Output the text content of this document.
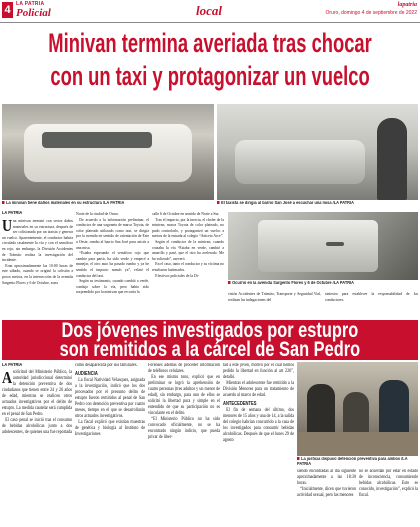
4	LA PATRIA
Policial	local	lapatria
Oruro, domingo 4 de septiembre de 2022
Minivan termina averiada tras chocar
con un taxi y protagonizar un vuelco
La minivan tiene daños materiales en su estructura /LA PATRIA	El taxista se dirigía al barrio San José a escuchar una misa /LA PATRIA
LA PATRIA
U na minivan terminó con serios daños materiales en su estructura, después de ser colisionada por un taxista y generar un vuelco. Aparentemente, el conductor habría circulado rasalmente la vía y con el semáforo en rojo, sin embargo, la División Accidentes de Tránsito realiza la investigación del incidente.

Eran aproximadamente las 10:00 horas de este sábado, cuando se originó la colisión a pocos metros, en la intersección de la avenida Sargento Flores y 6 de Octubre, zona

Norte de la ciudad de Oruro.

De acuerdo a la información preliminar, el conductor de una vagoneta de marca Toyota, de color plateado utilizado como taxi, se dirigía por la avenida en sentido de orientación de Este a Oeste, rumbo al barrio San José para asistir a una misa.

“Estaba esperando el semáforo rojo que cambie para partir, ha sido verde y empecé a manejar, el otro auto ha pasado rumbo y ya he sentido el impacto nomás ya”, relató el conductor del taxi.

Según su testimonio, cuando cambió a verde, condujo sobre la vía, pero había sido sorprendido por la minivan que recorría la

calle 6 de Octubre en sentido de Norte a Sur.

Tras el impacto, por la inercia, el chofer de la minivan, marca Toyota de color plateado, no pudo controlarlo, y protagonizó un vuelco a metros de la entrada al colegio “Aniceto Arce”.

Según el conductor de la minivan, cuando cruzaba la vía “Estaba en verde, cambió a amarillo y pasé, que el otro ha acelerado. Me ha volteado”, aseveró.

En el caso, tanto el conductor y su víctima no resultaron lastimados.

Efectivos policiales de la Di-

Ocurrió en la avenida Sargento Flores y 6 de Octubre /LA PATRIA

visión Accidentes de Tránsito, Transporte y Seguridad Vial, realizan las indagaciones del

siniestro para establecer la responsabilidad de los conductores.

Dos jóvenes investigados por estupro
son remitidos a la cárcel de San Pedro
LA PATRIA
A solicitud del Ministerio Público, la autoridad jurisdiccional determinó la detención preventiva de dos ciudadanos que tienen entre 24 y 26 años de edad, mientras se realicen otros actuados investigativos por el delito de estupro. La medida cautelar será cumplida en el penal de San Pedro.

El caso penal se inició tras el consumo de bebidas alcohólicas junto a dos adolescentes, de quienes una fue reportada

como desaparecida por sus familiares.

AUDIENCIA

La fiscal Natividad Velasquez, asignada a la investigación, indicó que los dos procesados por el presunto delito de estupro fueron remitidos al penal de San Pedro con detención preventiva por cuatro meses, tiempo en el que se desarrollarán otros actuados investigativos.

La fiscal explicó que existían muestras de genética y biología al Instituto de Investigaciones

Forenses además de proceder información de teléfonos celulares.

En ese mismo tono, explicó que en preliminar se logró la aprehensión de cuatro personas (tres adultos y un menor de edad), sin embargo, para uno de ellos se solicitó la libertad pura y simple en el entendido de que su participación no es vinculante en el delito.

“El Ministerio Público no ha sido convocado oficialmente, no se ha encontrado ningún indicio, que pueda privar de liber-

tad a este joven, motivo por el cual hemos pedido la libertad en función al art 226”, detalló.

Mientras el adolescente fue remitido a la División Menores para un tratamiento de acuerdo al marco de edad.

ANTECEDENTES

El fin de semana del último, dos menores de 15 años y una de 14, a la salida del colegio habrían concurrido a la casa de los investigados para consumir bebidas alcohólicas. Después de que el lunes 29 de agosto

La justicia dispuso detención preventiva para ambos /LA PATRIA

siendo encontradas al día siguiente aproximadamente a las 18:30 horas.

“Inicialmente, dicen que tuvieron actividad sexual, pero las menores

no se acuerdan por estar en estado de inconsciencia, consumiendo bebidas alcohólicas. Esto es conocido, investigación”, explicó la fiscal.
